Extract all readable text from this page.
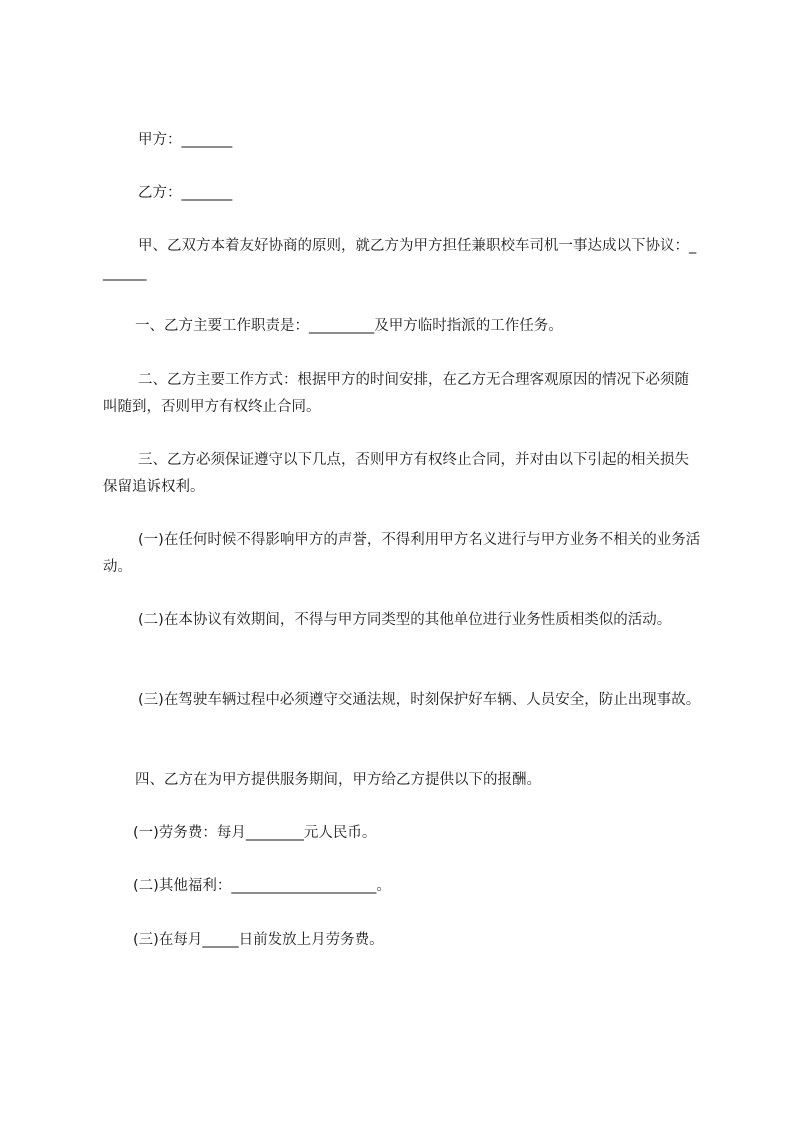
甲方：_______

乙方：_______

甲、乙双方本着友好协商的原则，就乙方为甲方担任兼职校车司机一事达成以下协议：_______

一、乙方主要工作职责是：_________及甲方临时指派的工作任务。

二、乙方主要工作方式：根据甲方的时间安排，在乙方无合理客观原因的情况下必须随叫随到，否则甲方有权终止合同。

三、乙方必须保证遵守以下几点，否则甲方有权终止合同，并对由以下引起的相关损失保留追诉权利。

(一)在任何时候不得影响甲方的声誉，不得利用甲方名义进行与甲方业务不相关的业务活动。

(二)在本协议有效期间，不得与甲方同类型的其他单位进行业务性质相类似的活动。

(三)在驾驶车辆过程中必须遵守交通法规，时刻保护好车辆、人员安全，防止出现事故。

四、乙方在为甲方提供服务期间，甲方给乙方提供以下的报酬。

(一)劳务费：每月________元人民币。

(二)其他福利：____________________。

(三)在每月_____日前发放上月劳务费。
